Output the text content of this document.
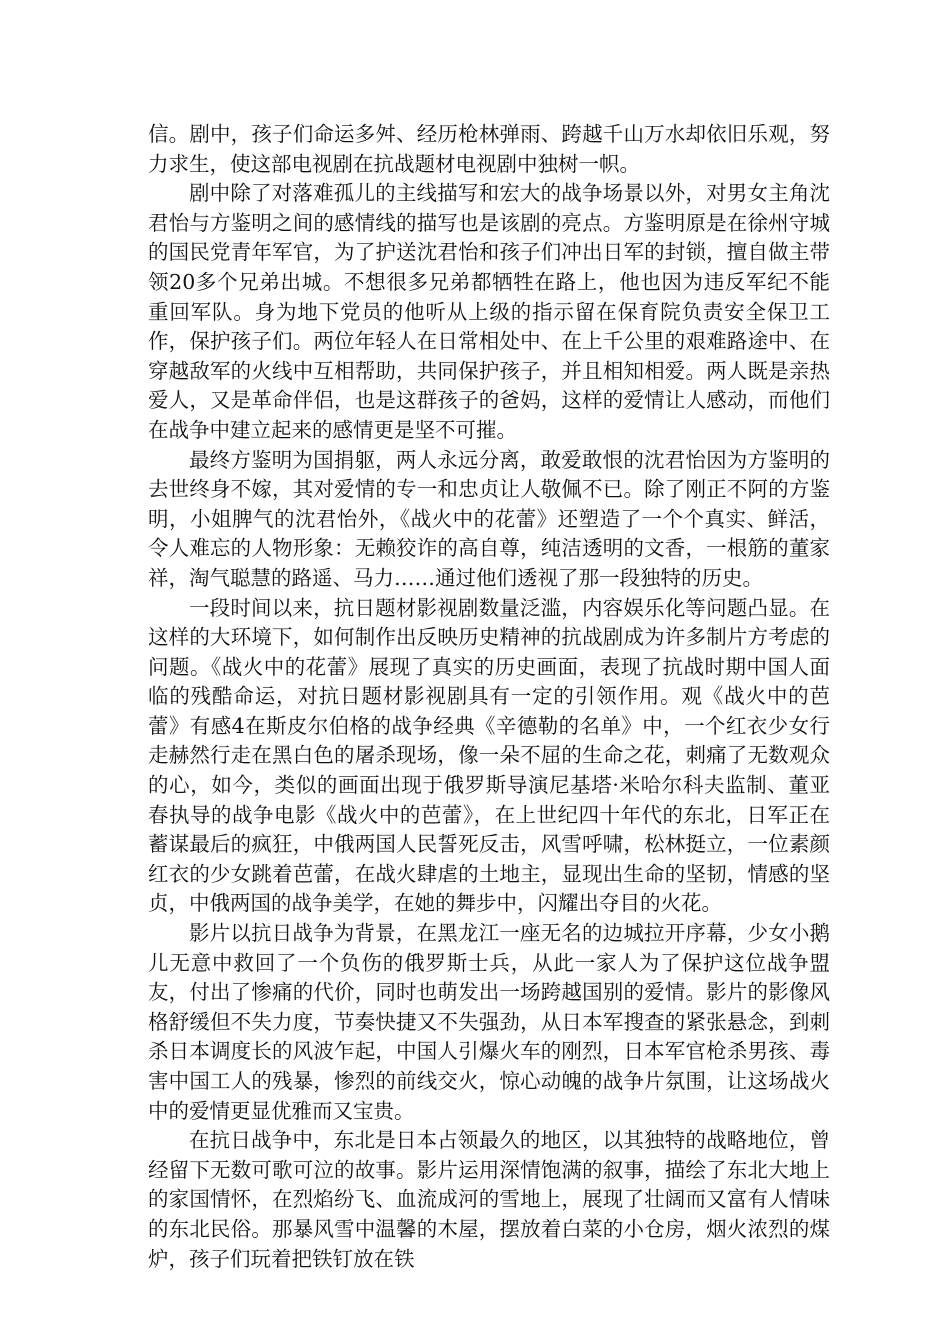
信。剧中，孩子们命运多舛、经历枪林弹雨、跨越千山万水却依旧乐观，努力求生，使这部电视剧在抗战题材电视剧中独树一帜。

剧中除了对落难孤儿的主线描写和宏大的战争场景以外，对男女主角沈君怡与方鉴明之间的感情线的描写也是该剧的亮点。方鉴明原是在徐州守城的国民党青年军官，为了护送沈君怡和孩子们冲出日军的封锁，擅自做主带领20多个兄弟出城。不想很多兄弟都牺牲在路上，他也因为违反军纪不能重回军队。身为地下党员的他听从上级的指示留在保育院负责安全保卫工作，保护孩子们。两位年轻人在日常相处中、在上千公里的艰难路途中、在穿越敌军的火线中互相帮助，共同保护孩子，并且相知相爱。两人既是亲热爱人，又是革命伴侣，也是这群孩子的爸妈，这样的爱情让人感动，而他们在战争中建立起来的感情更是坚不可摧。

最终方鉴明为国捐躯，两人永远分离，敢爱敢恨的沈君怡因为方鉴明的去世终身不嫁，其对爱情的专一和忠贞让人敬佩不已。除了刚正不阿的方鉴明，小姐脾气的沈君怡外，《战火中的花蕾》还塑造了一个个真实、鲜活，令人难忘的人物形象：无赖狡诈的高自尊，纯洁透明的文香，一根筋的董家祥，淘气聪慧的路遥、马力……通过他们透视了那一段独特的历史。

一段时间以来，抗日题材影视剧数量泛滥，内容娱乐化等问题凸显。在这样的大环境下，如何制作出反映历史精神的抗战剧成为许多制片方考虑的问题。《战火中的花蕾》展现了真实的历史画面，表现了抗战时期中国人面临的残酷命运，对抗日题材影视剧具有一定的引领作用。观《战火中的芭蕾》有感4在斯皮尔伯格的战争经典《辛德勒的名单》中，一个红衣少女行走赫然行走在黑白色的屠杀现场，像一朵不屈的生命之花，刺痛了无数观众的心，如今，类似的画面出现于俄罗斯导演尼基塔·米哈尔科夫监制、董亚春执导的战争电影《战火中的芭蕾》，在上世纪四十年代的东北，日军正在蓄谋最后的疯狂，中俄两国人民誓死反击，风雪呼啸，松林挺立，一位素颜红衣的少女跳着芭蕾，在战火肆虐的土地主，显现出生命的坚韧，情感的坚贞，中俄两国的战争美学，在她的舞步中，闪耀出夺目的火花。

影片以抗日战争为背景，在黑龙江一座无名的边城拉开序幕，少女小鹅儿无意中救回了一个负伤的俄罗斯士兵，从此一家人为了保护这位战争盟友，付出了惨痛的代价，同时也萌发出一场跨越国别的爱情。影片的影像风格舒缓但不失力度，节奏快捷又不失强劲，从日本军搜查的紧张悬念，到刺杀日本调度长的风波乍起，中国人引爆火车的刚烈，日本军官枪杀男孩、毒害中国工人的残暴，惨烈的前线交火，惊心动魄的战争片氛围，让这场战火中的爱情更显优雅而又宝贵。

在抗日战争中，东北是日本占领最久的地区，以其独特的战略地位，曾经留下无数可歌可泣的故事。影片运用深情饱满的叙事，描绘了东北大地上的家国情怀，在烈焰纷飞、血流成河的雪地上，展现了壮阔而又富有人情味的东北民俗。那暴风雪中温馨的木屋，摆放着白菜的小仓房，烟火浓烈的煤炉，孩子们玩着把铁钉放在铁
